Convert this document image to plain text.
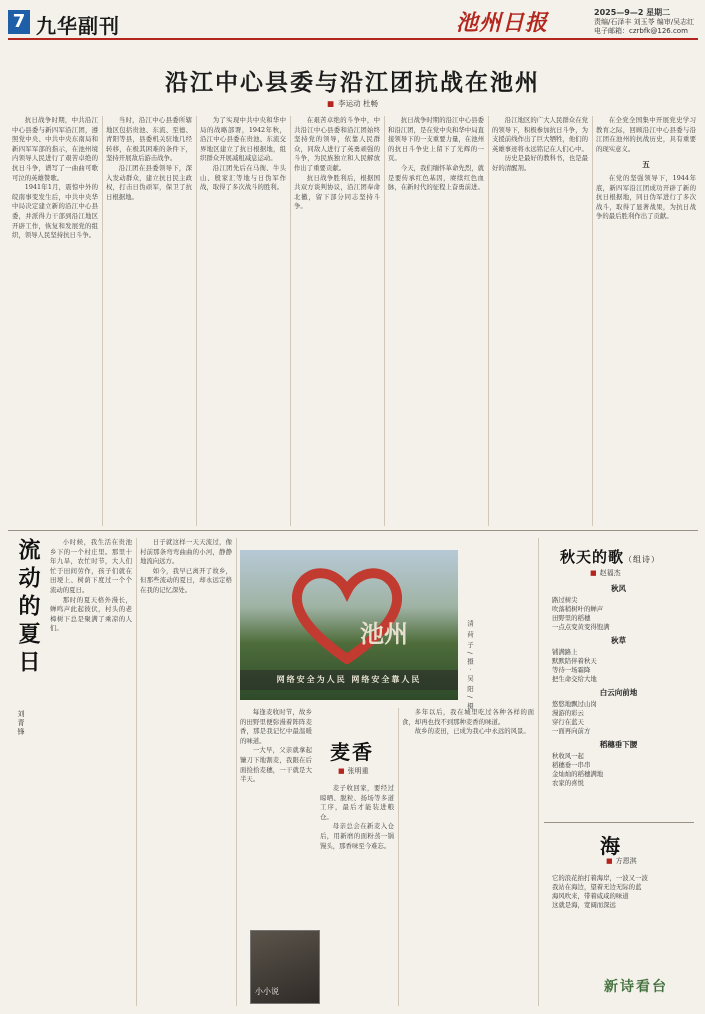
7 九华副刊	池州日报	2025—9—2 星期二
责编/石泽丰 刘玉苓 编审/吴志红
电子邮箱：czrbfk@126.com
沿江中心县委与沿江团抗战在池州
■ 李运动 杜畅

抗日战争时期，中共沿江中心县委与新四军沿江团，遵照党中央、中共中央东南局和新四军军部的指示，在池州境内领导人民进行了艰苦卓绝的抗日斗争，谱写了一曲曲可歌可泣的英雄赞歌。

1941年1月，震惊中外的皖南事变发生后，中共中央华中局决定建立新的沿江中心县委，并派得力干部到沿江地区开辟工作，恢复和发展党的组织，领导人民坚持抗日斗争。

当时，沿江中心县委所辖地区包括贵池、东流、至德、青阳等县，县委机关驻地几经转移，在极其困难的条件下，坚持开展敌后游击战争。

沿江团在县委领导下，深入发动群众，建立抗日民主政权，打击日伪顽军，保卫了抗日根据地。

为了实现中共中央和华中局的战略部署，1942年秋，沿江中心县委在贵池、东流交界地区建立了抗日根据地，组织群众开展减租减息运动。

沿江团先后在马衙、牛头山、殷家汇等地与日伪军作战，取得了多次战斗的胜利。

在艰苦卓绝的斗争中，中共沿江中心县委和沿江团始终坚持党的领导，依靠人民群众，同敌人进行了英勇顽强的斗争，为民族独立和人民解放作出了重要贡献。

抗日战争胜利后，根据国共双方谈判协议，沿江团奉命北撤，留下部分同志坚持斗争。

抗日战争时期的沿江中心县委和沿江团，是在党中央和华中局直接领导下的一支重要力量，在池州的抗日斗争史上留下了光辉的一页。

今天，我们缅怀革命先烈，就是要传承红色基因，赓续红色血脉，在新时代的征程上奋勇前进。

沿江地区的广大人民群众在党的领导下，积极参加抗日斗争，为支援前线作出了巨大牺牲，他们的英雄事迹将永远铭记在人们心中。

历史是最好的教科书，也是最好的清醒剂。

在全党全国集中开展党史学习教育之际，回顾沿江中心县委与沿江团在池州的抗战历史，具有重要的现实意义。

五

在党的坚强领导下，1944年底，新四军沿江团成功开辟了新的抗日根据地，同日伪军进行了多次战斗，取得了显著战果，为抗日战争的最后胜利作出了贡献。

流动的夏日
刘青锋

小时候，我生活在贵池乡下的一个村庄里。那里十年九旱，农忙时节，大人们忙于田间劳作，孩子们就在田埂上、树荫下度过一个个流动的夏日。

那时的夏天格外漫长，蝉鸣声此起彼伏，村头的老樟树下总是聚满了乘凉的人们。

日子就这样一天天流过，像村前那条弯弯曲曲的小河，静静地流向远方。

如今，我早已离开了故乡，但那些流动的夏日，却永远定格在我的记忆深处。

池州
网络安全为人民 网络安全靠人民	清 荷 子 / 摄 · 吴 阳 / 摄
麦香
■ 张明重

每逢麦收时节，故乡的田野里便弥漫着阵阵麦香，那是我记忆中最温暖的味道。

一大早，父亲就拿起镰刀下地割麦，我跟在后面捡拾麦穗，一干就是大半天。

麦子收回家，要经过晾晒、脱粒、扬场等多道工序，最后才能装进粮仓。

母亲总会在新麦入仓后，用新磨的面粉蒸一锅馒头，那香味至今难忘。

多年以后，我在城里吃过各种各样的面食，却再也找不到那种麦香的味道。

故乡的麦田，已成为我心中永远的风景。

小小说
秋天的歌（组诗）
■ 赵福杰
秋风
路过树尖
吹落稍树叶的蝉声
田野里的稻穗
一点点变黄变得饱满
秋草
铺满路上
默默陪伴着秋天
等待一场霜降
把生命交给大地
白云向前地
悠悠地飘过山岗
漫游的彩云
穿行在蓝天
一面再向前方
稻穗垂下腰
秋收风一起
稻穗垂一串串
金灿灿的稻穗满地
农家的喜悦
海
■ 方恩淇
它的浪花拍打着海岸，一波又一波
我站在海边，望着无边无际的蓝
海风吹来，带着咸咸的味道
这就是海，宽阔而深远
新诗看台
